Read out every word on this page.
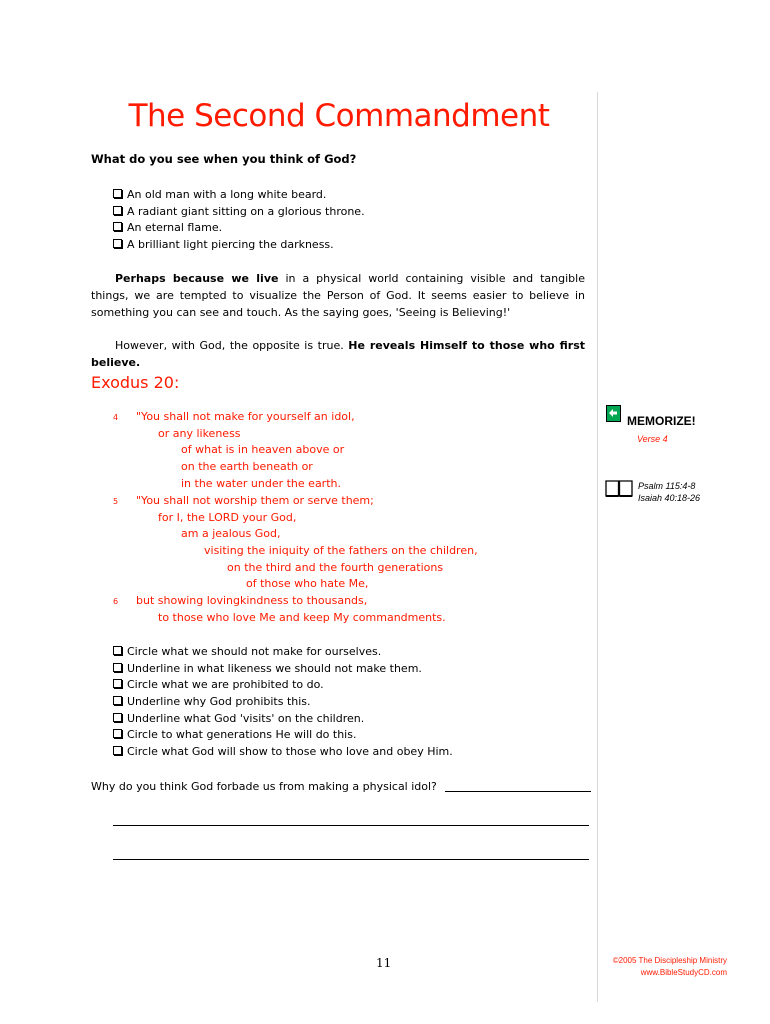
The Second Commandment
What do you see when you think of God?
An old man with a long white beard.
A radiant giant sitting on a glorious throne.
An eternal flame.
A brilliant light piercing the darkness.
Perhaps because we live in a physical world containing visible and tangible things, we are tempted to visualize the Person of God. It seems easier to believe in something you can see and touch. As the saying goes, 'Seeing is Believing!'
However, with God, the opposite is true. He reveals Himself to those who first believe.
Exodus 20:
4 "You shall not make for yourself an idol,
or any likeness
of what is in heaven above or
on the earth beneath or
in the water under the earth.
5 "You shall not worship them or serve them;
for I, the LORD your God,
am a jealous God,
visiting the iniquity of the fathers on the children,
on the third and the fourth generations
of those who hate Me,
6 but showing lovingkindness to thousands,
to those who love Me and keep My commandments.
Circle what we should not make for ourselves.
Underline in what likeness we should not make them.
Circle what we are prohibited to do.
Underline why God prohibits this.
Underline what God 'visits' on the children.
Circle to what generations He will do this.
Circle what God will show to those who love and obey Him.
Why do you think God forbade us from making a physical idol?
11
MEMORIZE!
Verse 4
Psalm 115:4-8
Isaiah 40:18-26
©2005 The Discipleship Ministry
www.BibleStudyCD.com
